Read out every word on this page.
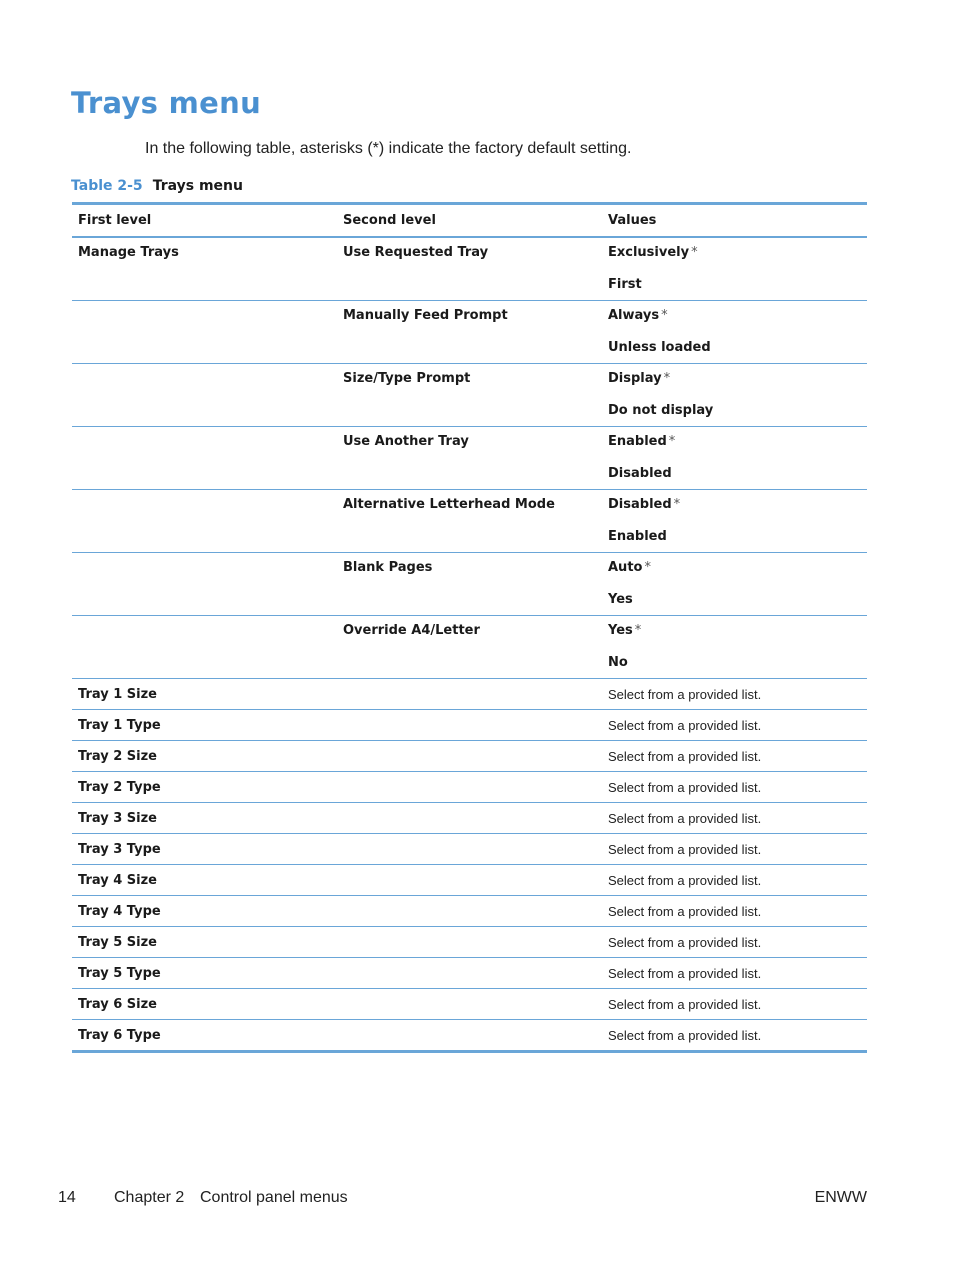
Trays menu

In the following table, asterisks (*) indicate the factory default setting.

Table 2-5 Trays menu

First level	Second level	Values

Manage Trays	Use Requested Tray	Exclusively *
First

	Manually Feed Prompt	Always *
Unless loaded

	Size/Type Prompt	Display *
Do not display

	Use Another Tray	Enabled *
Disabled

	Alternative Letterhead Mode	Disabled *
Enabled

	Blank Pages	Auto *
Yes

	Override A4/Letter	Yes *
No

Tray 1 Size		Select from a provided list.
Tray 1 Type		Select from a provided list.
Tray 2 Size		Select from a provided list.
Tray 2 Type		Select from a provided list.
Tray 3 Size		Select from a provided list.
Tray 3 Type		Select from a provided list.
Tray 4 Size		Select from a provided list.
Tray 4 Type		Select from a provided list.
Tray 5 Size		Select from a provided list.
Tray 5 Type		Select from a provided list.
Tray 6 Size		Select from a provided list.
Tray 6 Type		Select from a provided list.
14 Chapter 2 Control panel menus	ENWW
